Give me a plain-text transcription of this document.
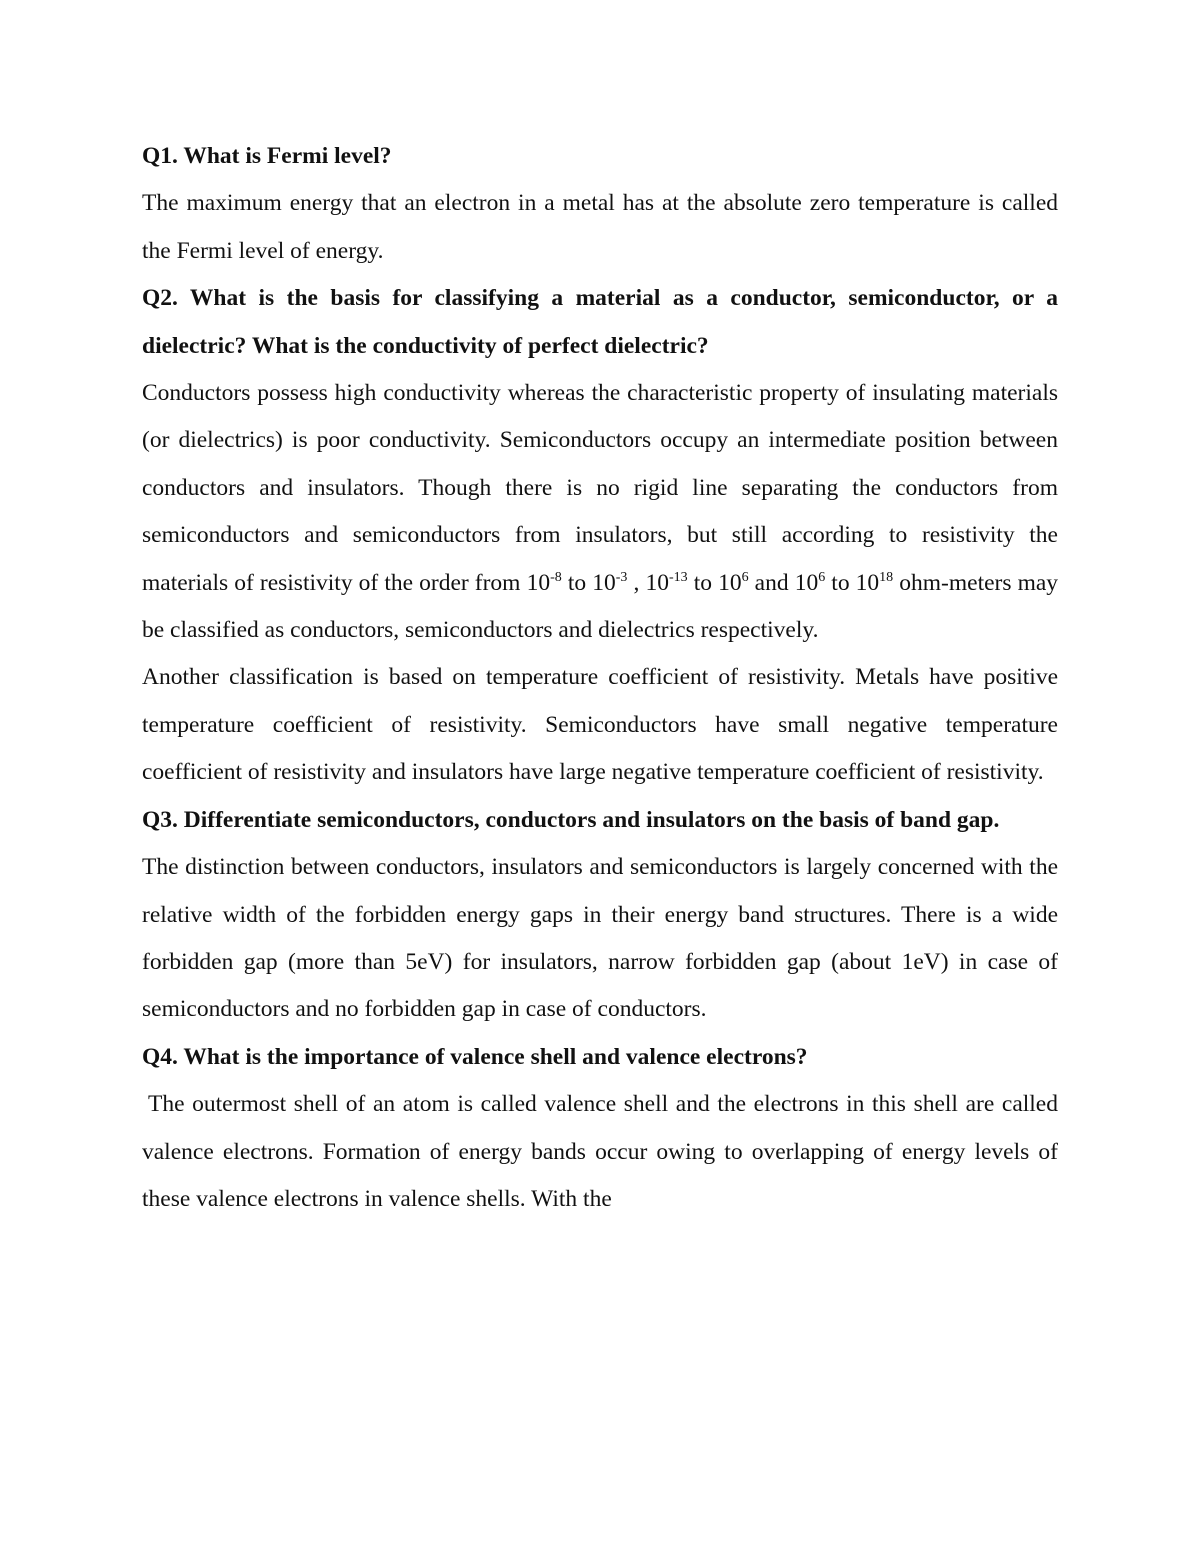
Q1. What is Fermi level?

The maximum energy that an electron in a metal has at the absolute zero temperature is called the Fermi level of energy.

Q2. What is the basis for classifying a material as a conductor, semiconductor, or a dielectric? What is the conductivity of perfect dielectric?

Conductors possess high conductivity whereas the characteristic property of insulating materials (or dielectrics) is poor conductivity. Semiconductors occupy an intermediate position between conductors and insulators. Though there is no rigid line separating the conductors from semiconductors and semiconductors from insulators, but still according to resistivity the materials of resistivity of the order from $10^{-8}$ to $10^{-3}$ , $10^{-13}$ to $10^6$ and $10^6$ to $10^{18}$ ohm-meters may be classified as conductors, semiconductors and dielectrics respectively.

Another classification is based on temperature coefficient of resistivity. Metals have positive temperature coefficient of resistivity. Semiconductors have small negative temperature coefficient of resistivity and insulators have large negative temperature coefficient of resistivity.

Q3. Differentiate semiconductors, conductors and insulators on the basis of band gap.

The distinction between conductors, insulators and semiconductors is largely concerned with the relative width of the forbidden energy gaps in their energy band structures. There is a wide forbidden gap (more than 5eV) for insulators, narrow forbidden gap (about 1eV) in case of semiconductors and no forbidden gap in case of conductors.

Q4. What is the importance of valence shell and valence electrons?

The outermost shell of an atom is called valence shell and the electrons in this shell are called valence electrons. Formation of energy bands occur owing to overlapping of energy levels of these valence electrons in valence shells. With the
